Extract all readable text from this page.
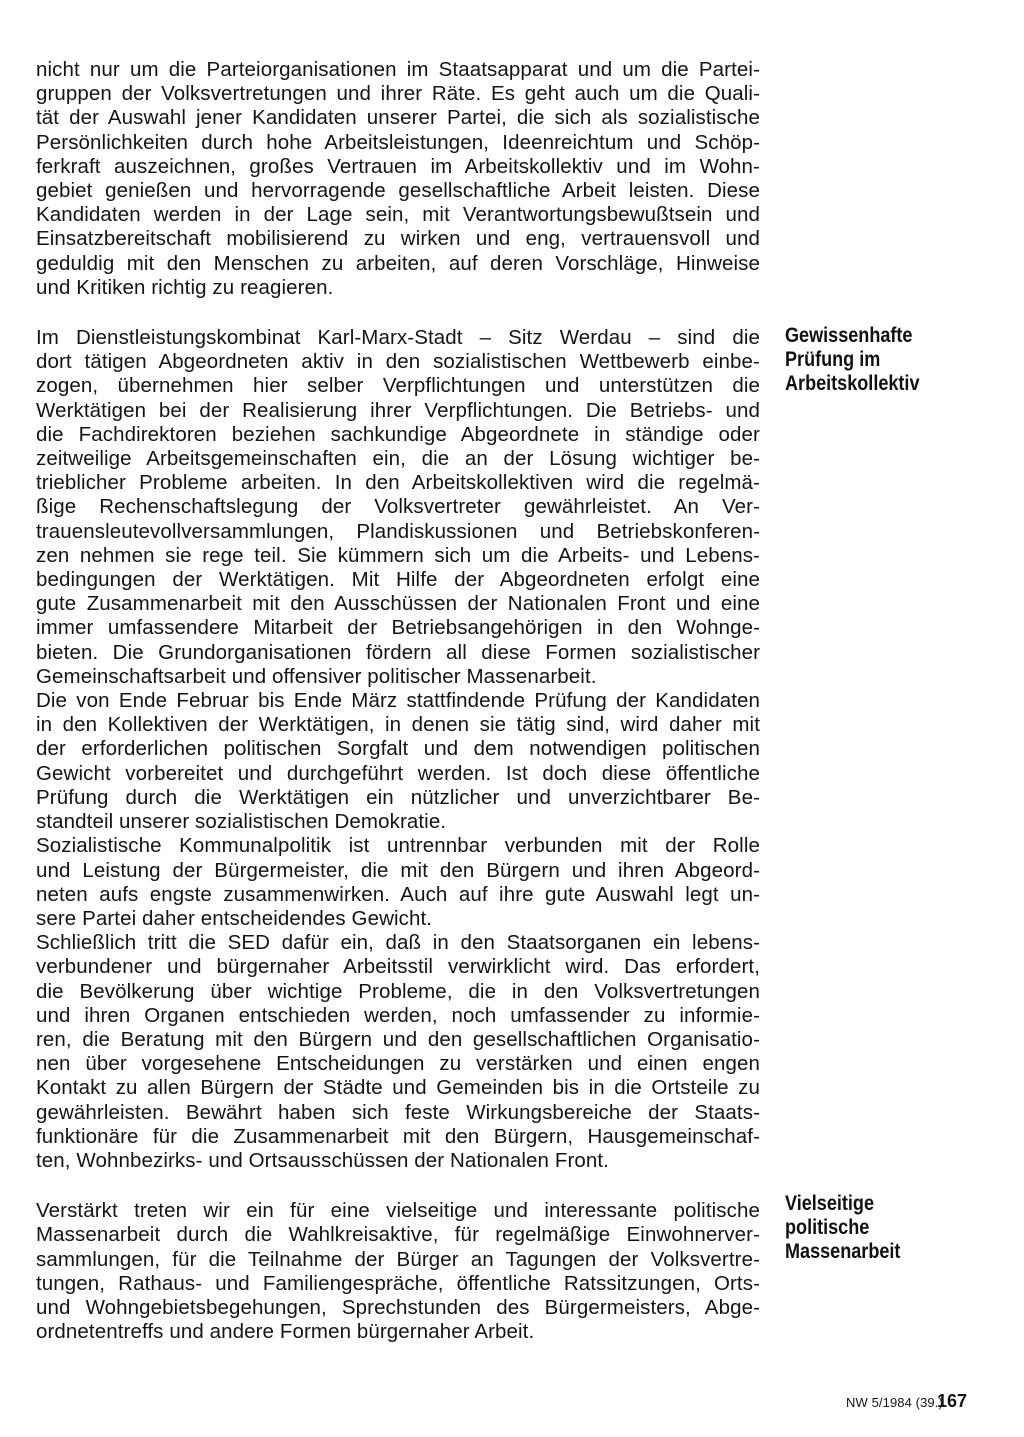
nicht nur um die Parteiorganisationen im Staatsapparat und um die Partei-
gruppen der Volksvertretungen und ihrer Räte. Es geht auch um die Quali-
tät der Auswahl jener Kandidaten unserer Partei, die sich als sozialistische
Persönlichkeiten durch hohe Arbeitsleistungen, Ideenreichtum und Schöp-
ferkraft auszeichnen, großes Vertrauen im Arbeitskollektiv und im Wohn-
gebiet genießen und hervorragende gesellschaftliche Arbeit leisten. Diese
Kandidaten werden in der Lage sein, mit Verantwortungsbewußtsein und
Einsatzbereitschaft mobilisierend zu wirken und eng, vertrauensvoll und
geduldig mit den Menschen zu arbeiten, auf deren Vorschläge, Hinweise
und Kritiken richtig zu reagieren.

Im Dienstleistungskombinat Karl-Marx-Stadt – Sitz Werdau – sind die
dort tätigen Abgeordneten aktiv in den sozialistischen Wettbewerb einbe-
zogen, übernehmen hier selber Verpflichtungen und unterstützen die
Werktätigen bei der Realisierung ihrer Verpflichtungen. Die Betriebs- und
die Fachdirektoren beziehen sachkundige Abgeordnete in ständige oder
zeitweilige Arbeitsgemeinschaften ein, die an der Lösung wichtiger be-
trieblicher Probleme arbeiten. In den Arbeitskollektiven wird die regelmä-
ßige Rechenschaftslegung der Volksvertreter gewährleistet. An Ver-
trauensleutevollversammlungen, Plandiskussionen und Betriebskonferen-
zen nehmen sie rege teil. Sie kümmern sich um die Arbeits- und Lebens-
bedingungen der Werktätigen. Mit Hilfe der Abgeordneten erfolgt eine
gute Zusammenarbeit mit den Ausschüssen der Nationalen Front und eine
immer umfassendere Mitarbeit der Betriebsangehörigen in den Wohnge-
bieten. Die Grundorganisationen fördern all diese Formen sozialistischer
Gemeinschaftsarbeit und offensiver politischer Massenarbeit.

Die von Ende Februar bis Ende März stattfindende Prüfung der Kandidaten
in den Kollektiven der Werktätigen, in denen sie tätig sind, wird daher mit
der erforderlichen politischen Sorgfalt und dem notwendigen politischen
Gewicht vorbereitet und durchgeführt werden. Ist doch diese öffentliche
Prüfung durch die Werktätigen ein nützlicher und unverzichtbarer Be-
standteil unserer sozialistischen Demokratie.

Sozialistische Kommunalpolitik ist untrennbar verbunden mit der Rolle
und Leistung der Bürgermeister, die mit den Bürgern und ihren Abgeord-
neten aufs engste zusammenwirken. Auch auf ihre gute Auswahl legt un-
sere Partei daher entscheidendes Gewicht.

Schließlich tritt die SED dafür ein, daß in den Staatsorganen ein lebens-
verbundener und bürgernaher Arbeitsstil verwirklicht wird. Das erfordert,
die Bevölkerung über wichtige Probleme, die in den Volksvertretungen
und ihren Organen entschieden werden, noch umfassender zu informie-
ren, die Beratung mit den Bürgern und den gesellschaftlichen Organisatio-
nen über vorgesehene Entscheidungen zu verstärken und einen engen
Kontakt zu allen Bürgern der Städte und Gemeinden bis in die Ortsteile zu
gewährleisten. Bewährt haben sich feste Wirkungsbereiche der Staats-
funktionäre für die Zusammenarbeit mit den Bürgern, Hausgemeinschaf-
ten, Wohnbezirks- und Ortsausschüssen der Nationalen Front.

Verstärkt treten wir ein für eine vielseitige und interessante politische
Massenarbeit durch die Wahlkreisaktive, für regelmäßige Einwohnerver-
sammlungen, für die Teilnahme der Bürger an Tagungen der Volksvertre-
tungen, Rathaus- und Familiengespräche, öffentliche Ratssitzungen, Orts-
und Wohngebietsbegehungen, Sprechstunden des Bürgermeisters, Abge-
ordnetentreffs und andere Formen bürgernaher Arbeit.

Gewissenhafte
Prüfung im
Arbeitskollektiv
Vielseitige
politische
Massenarbeit
NW 5/1984 (39.)
167
